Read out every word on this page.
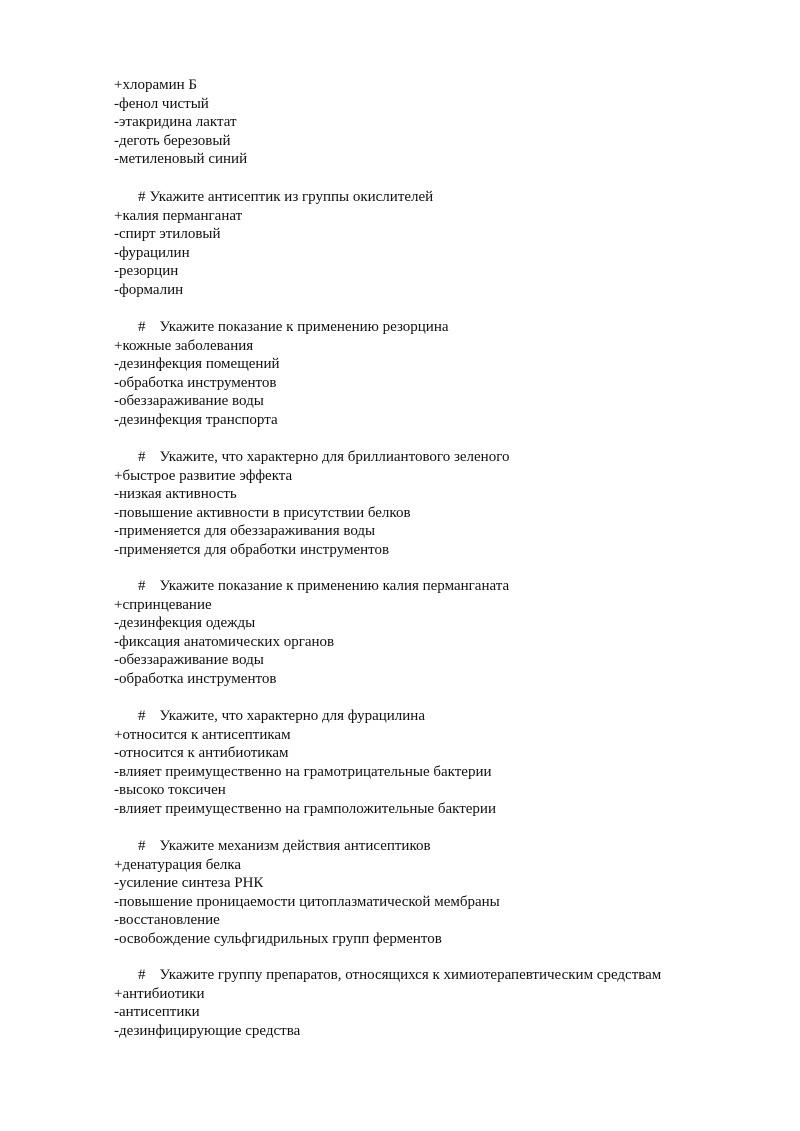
+хлорамин Б
-фенол чистый
-этакридина лактат
-деготь березовый
-метиленовый синий
# Укажите антисептик из группы окислителей
+калия перманганат
-спирт этиловый
-фурацилин
-резорцин
-формалин
# Укажите показание к применению резорцина
+кожные заболевания
-дезинфекция помещений
-обработка инструментов
-обеззараживание воды
-дезинфекция транспорта
# Укажите, что характерно для бриллиантового зеленого
+быстрое развитие эффекта
-низкая активность
-повышение активности в присутствии белков
-применяется для обеззараживания воды
-применяется для обработки инструментов
# Укажите показание к применению калия перманганата
+спринцевание
-дезинфекция одежды
-фиксация анатомических органов
-обеззараживание воды
-обработка инструментов
# Укажите, что характерно для фурацилина
+относится к антисептикам
-относится к антибиотикам
-влияет преимущественно на грамотрицательные бактерии
-высоко токсичен
-влияет преимущественно на грамположительные бактерии
# Укажите механизм действия антисептиков
+денатурация белка
-усиление синтеза РНК
-повышение проницаемости цитоплазматической мембраны
-восстановление
-освобождение сульфгидрильных групп ферментов
# Укажите группу препаратов, относящихся к химиотерапевтическим средствам
+антибиотики
-антисептики
-дезинфицирующие средства
